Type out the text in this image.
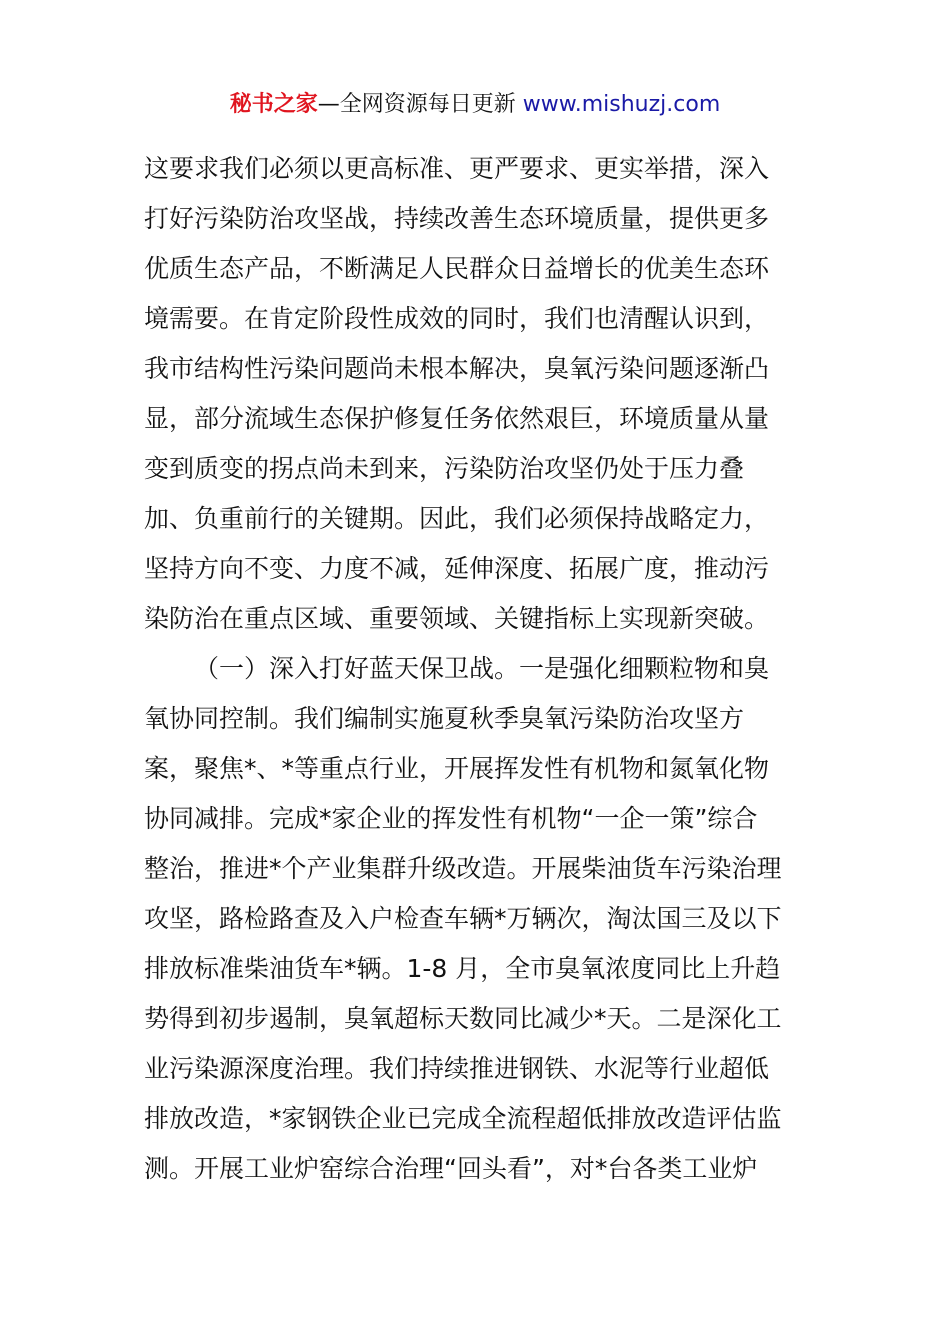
秘书之家—全网资源每日更新 www.mishuzj.com
这要求我们必须以更高标准、更严要求、更实举措，深入
打好污染防治攻坚战，持续改善生态环境质量，提供更多
优质生态产品，不断满足人民群众日益增长的优美生态环
境需要。在肯定阶段性成效的同时，我们也清醒认识到，
我市结构性污染问题尚未根本解决，臭氧污染问题逐渐凸
显，部分流域生态保护修复任务依然艰巨，环境质量从量
变到质变的拐点尚未到来，污染防治攻坚仍处于压力叠
加、负重前行的关键期。因此，我们必须保持战略定力，
坚持方向不变、力度不减，延伸深度、拓展广度，推动污
染防治在重点区域、重要领域、关键指标上实现新突破。
（一）深入打好蓝天保卫战。一是强化细颗粒物和臭
氧协同控制。我们编制实施夏秋季臭氧污染防治攻坚方
案，聚焦*、*等重点行业，开展挥发性有机物和氮氧化物
协同减排。完成*家企业的挥发性有机物“一企一策”综合
整治，推进*个产业集群升级改造。开展柴油货车污染治理
攻坚，路检路查及入户检查车辆*万辆次，淘汰国三及以下
排放标准柴油货车*辆。1-8 月，全市臭氧浓度同比上升趋
势得到初步遏制，臭氧超标天数同比减少*天。二是深化工
业污染源深度治理。我们持续推进钢铁、水泥等行业超低
排放改造，*家钢铁企业已完成全流程超低排放改造评估监
测。开展工业炉窑综合治理“回头看”，对*台各类工业炉
